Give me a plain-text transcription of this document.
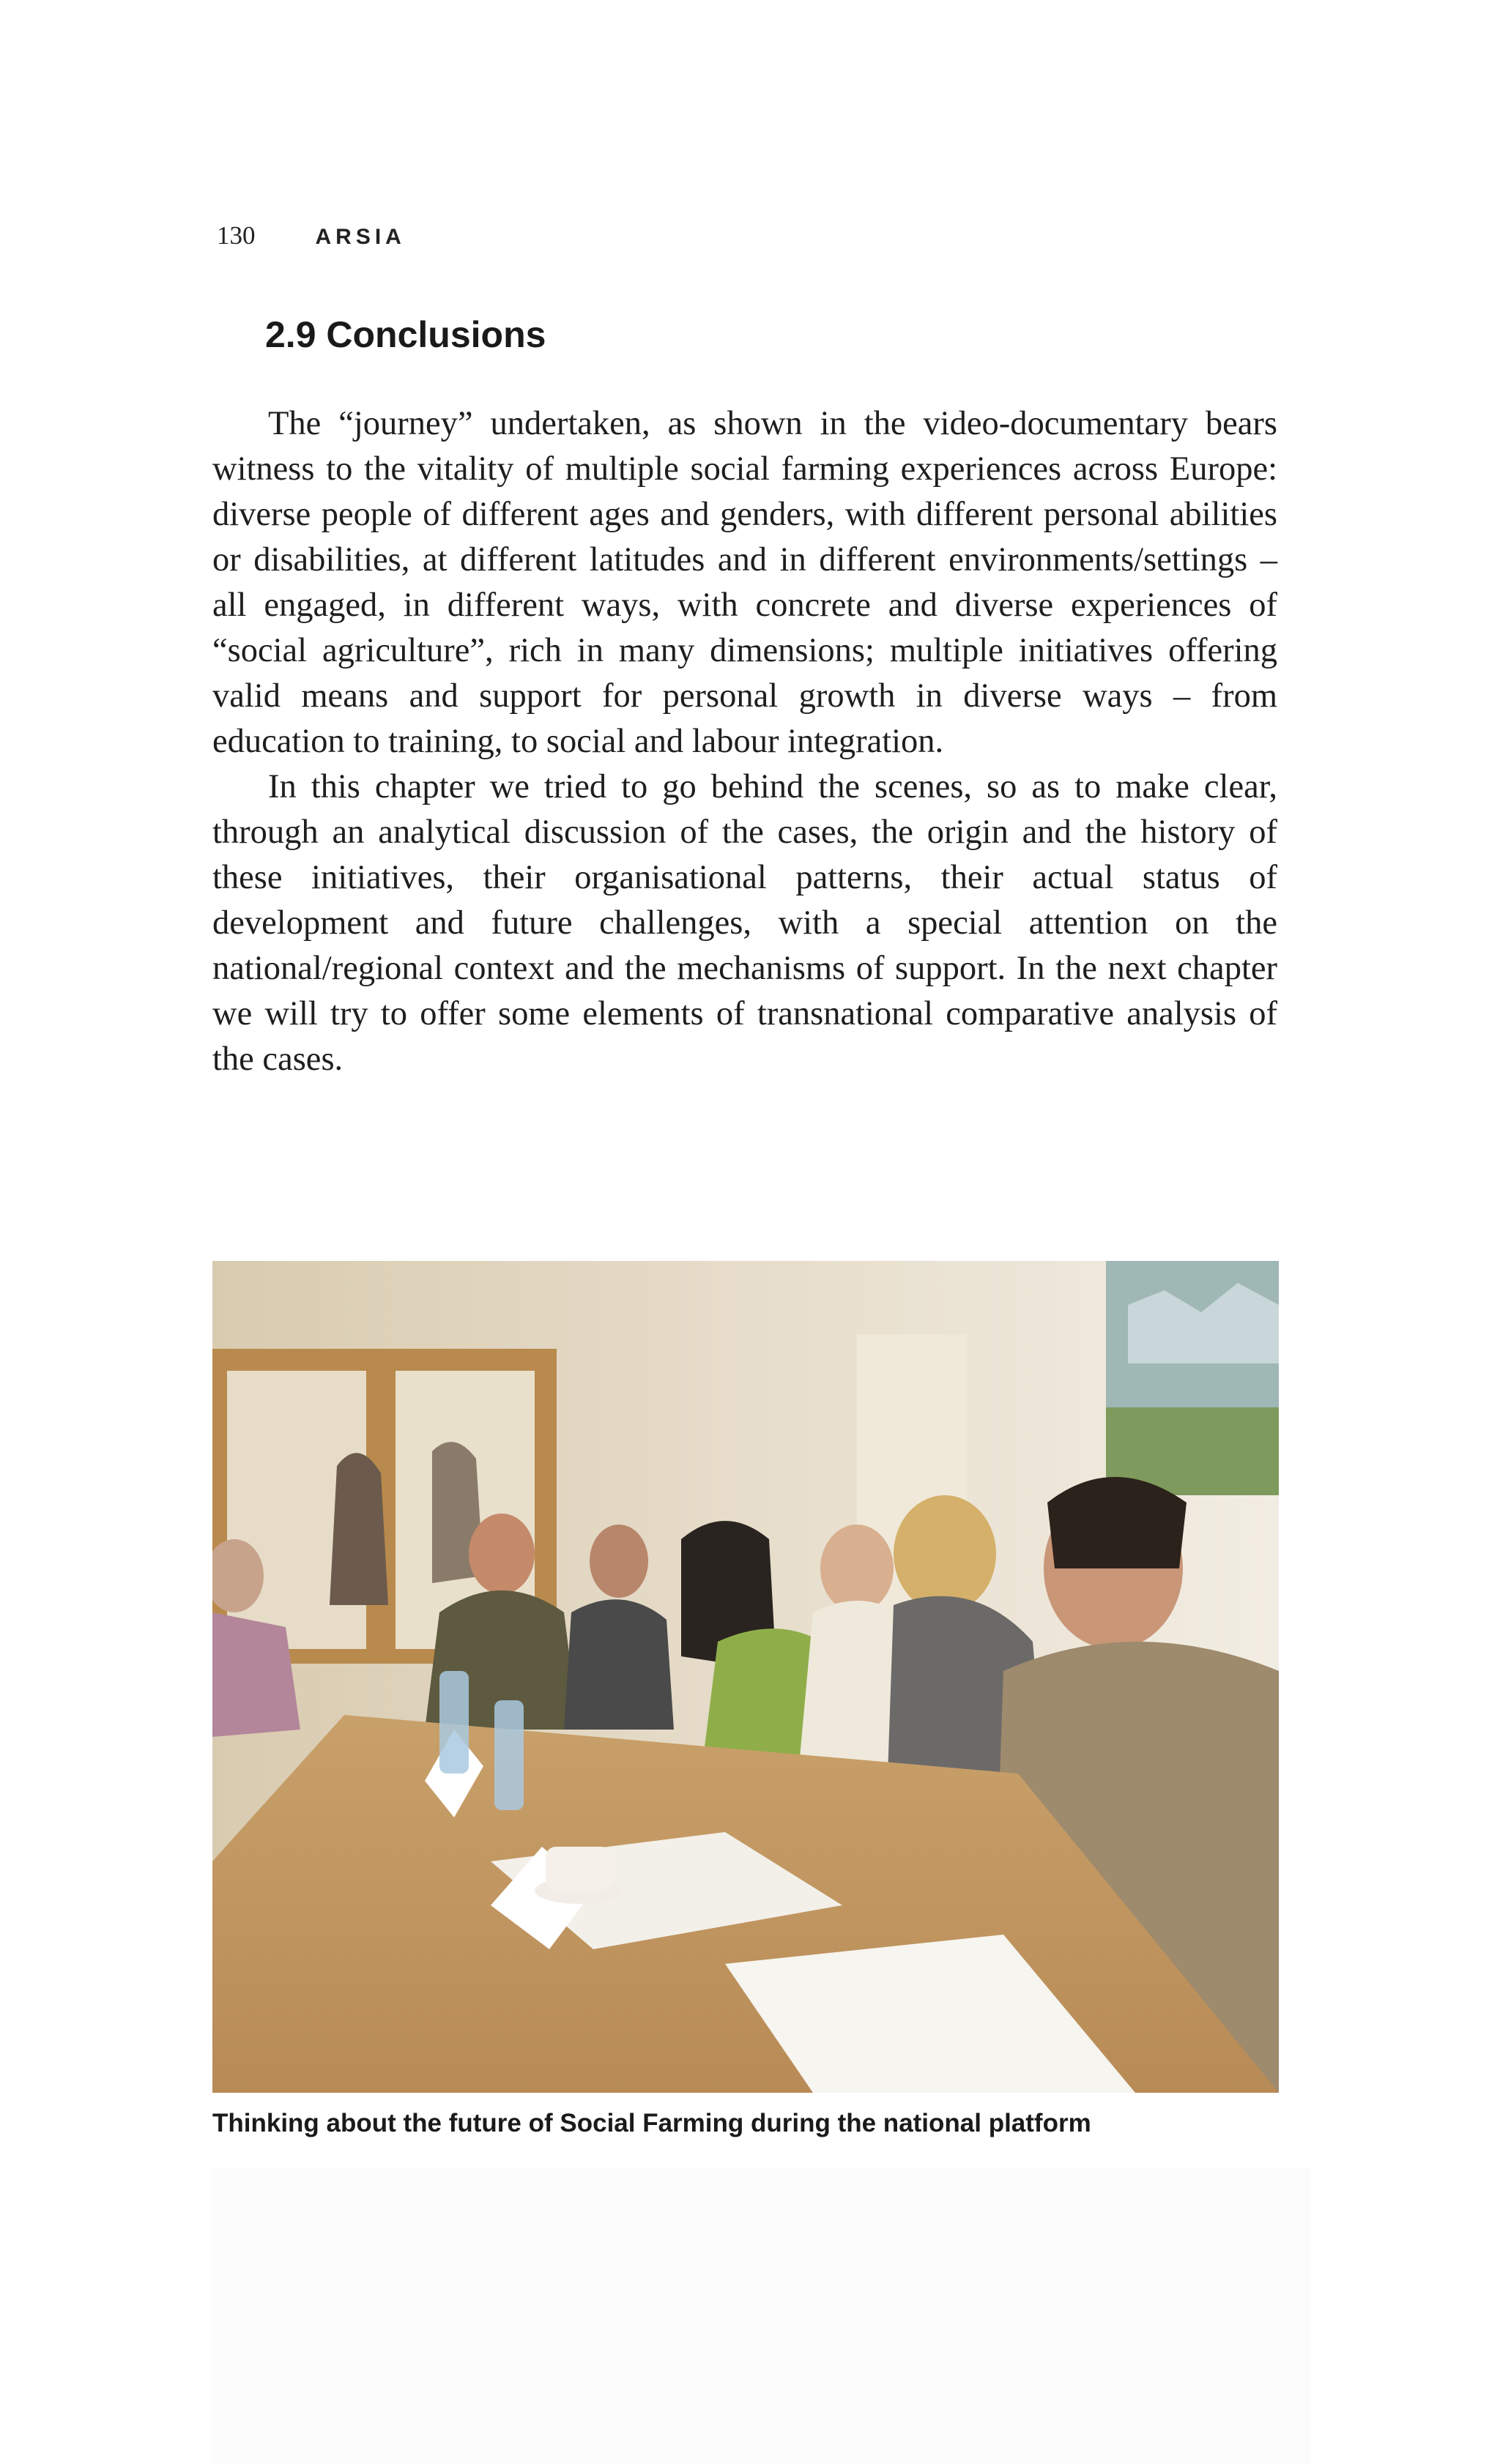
130	ARSIA
2.9 Conclusions

The “journey” undertaken, as shown in the video-documentary bears witness to the vitality of multiple social farming experiences across Europe: diverse people of different ages and genders, with different personal abilities or disabilities, at different latitudes and in different environments/settings – all engaged, in different ways, with concrete and diverse experiences of “social agriculture”, rich in many dimensions; multiple initiatives offering valid means and support for personal growth in diverse ways – from education to training, to social and labour integration.

In this chapter we tried to go behind the scenes, so as to make clear, through an analytical discussion of the cases, the origin and the history of these initiatives, their organisational patterns, their actual status of development and future challenges, with a special attention on the national/regional context and the mechanisms of support. In the next chapter we will try to offer some elements of transnational comparative analysis of the cases.

Thinking about the future of Social Farming during the national platform
